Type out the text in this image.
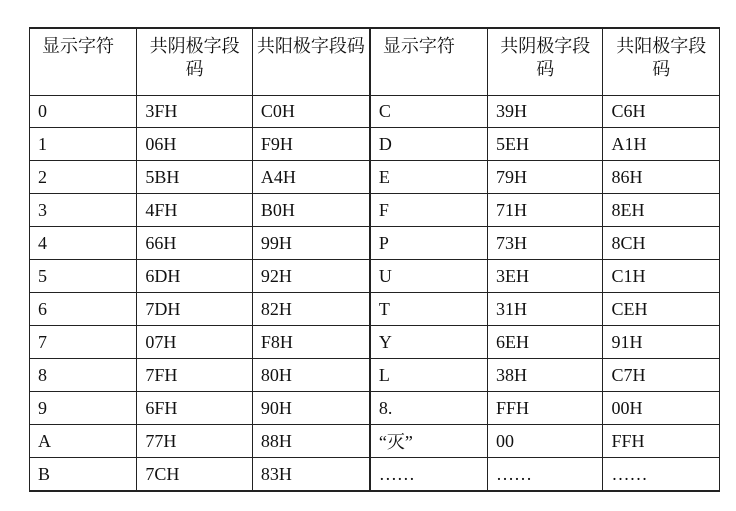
显示字符	共阴极字段码	共阳极字段码	显示字符	共阴极字段码	共阳极字段码
0	3FH	C0H	C	39H	C6H
1	06H	F9H	D	5EH	A1H
2	5BH	A4H	E	79H	86H
3	4FH	B0H	F	71H	8EH
4	66H	99H	P	73H	8CH
5	6DH	92H	U	3EH	C1H
6	7DH	82H	T	31H	CEH
7	07H	F8H	Y	6EH	91H
8	7FH	80H	L	38H	C7H
9	6FH	90H	8.	FFH	00H
A	77H	88H	“灭”	00	FFH
B	7CH	83H	……	……	……
